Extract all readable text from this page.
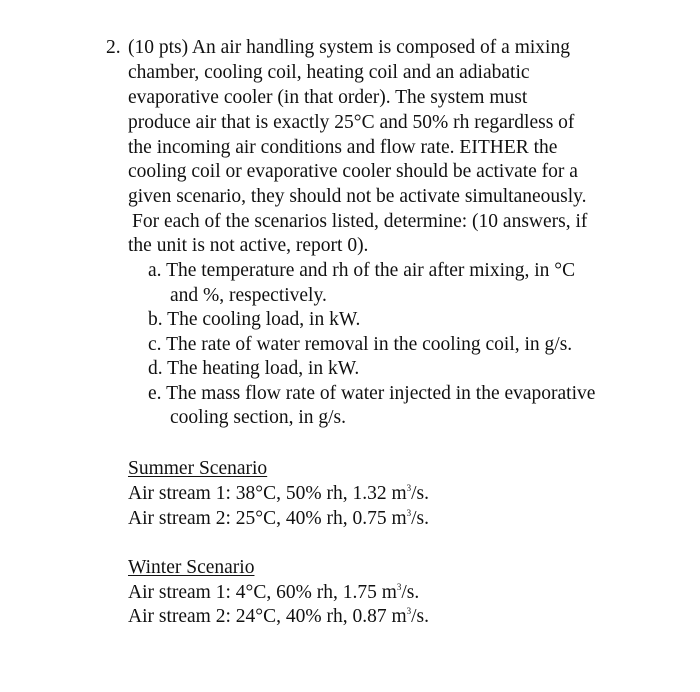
2. (10 pts) An air handling system is composed of a mixing
chamber, cooling coil, heating coil and an adiabatic
evaporative cooler (in that order). The system must
produce air that is exactly 25°C and 50% rh regardless of
the incoming air conditions and flow rate. EITHER the
cooling coil or evaporative cooler should be activate for a
given scenario, they should not be activate simultaneously.
For each of the scenarios listed, determine: (10 answers, if
the unit is not active, report 0).
a. The temperature and rh of the air after mixing, in °C
and %, respectively.
b. The cooling load, in kW.
c. The rate of water removal in the cooling coil, in g/s.
d. The heating load, in kW.
e. The mass flow rate of water injected in the evaporative
cooling section, in g/s.
Summer Scenario
Air stream 1: 38°C, 50% rh, 1.32 $m^3/s$.
Air stream 2: 25°C, 40% rh, 0.75 $m^3/s$.
Winter Scenario
Air stream 1: 4°C, 60% rh, 1.75 $m^3/s$.
Air stream 2: 24°C, 40% rh, 0.87 $m^3/s$.
